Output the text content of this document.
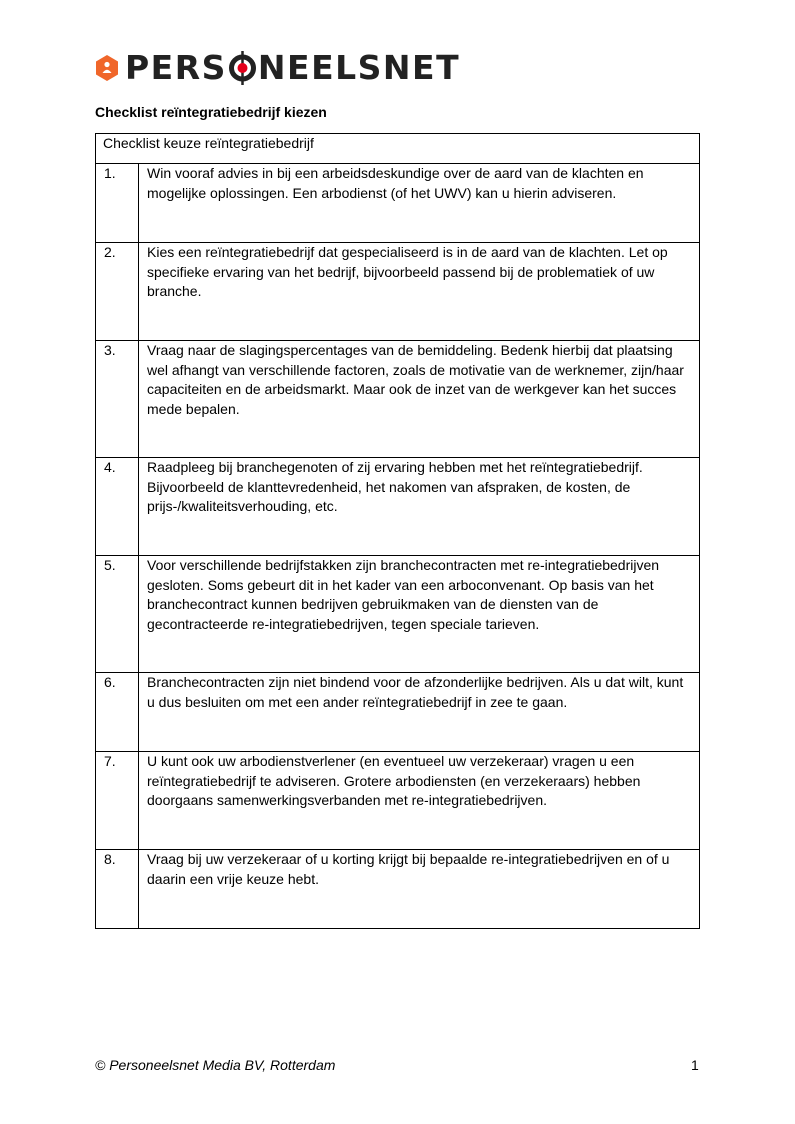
PERS NEELSNET
Checklist reïntegratiebedrijf kiezen
Checklist keuze reïntegratiebedrijf	
1.	Win vooraf advies in bij een arbeidsdeskundige over de aard van de klachten en mogelijke oplossingen. Een arbodienst (of het UWV) kan u hierin adviseren.
2.	Kies een reïntegratiebedrijf dat gespecialiseerd is in de aard van de klachten. Let op specifieke ervaring van het bedrijf, bijvoorbeeld passend bij de problematiek of uw branche.
3.	Vraag naar de slagingspercentages van de bemiddeling. Bedenk hierbij dat plaatsing wel afhangt van verschillende factoren, zoals de motivatie van de werknemer, zijn/haar capaciteiten en de arbeidsmarkt. Maar ook de inzet van de werkgever kan het succes mede bepalen.
4.	Raadpleeg bij branchegenoten of zij ervaring hebben met het reïntegratiebedrijf. Bijvoorbeeld de klanttevredenheid, het nakomen van afspraken, de kosten, de prijs-/kwaliteitsverhouding, etc.
5.	Voor verschillende bedrijfstakken zijn branchecontracten met re-integratiebedrijven gesloten. Soms gebeurt dit in het kader van een arboconvenant. Op basis van het branchecontract kunnen bedrijven gebruikmaken van de diensten van de gecontracteerde re-integratiebedrijven, tegen speciale tarieven.
6.	Branchecontracten zijn niet bindend voor de afzonderlijke bedrijven. Als u dat wilt, kunt u dus besluiten om met een ander reïntegratiebedrijf in zee te gaan.
7.	U kunt ook uw arbodienstverlener (en eventueel uw verzekeraar) vragen u een reïntegratiebedrijf te adviseren. Grotere arbodiensten (en verzekeraars) hebben doorgaans samenwerkingsverbanden met re-integratiebedrijven.
8.	Vraag bij uw verzekeraar of u korting krijgt bij bepaalde re-integratiebedrijven en of u daarin een vrije keuze hebt.
© Personeelsnet Media BV, Rotterdam	1
